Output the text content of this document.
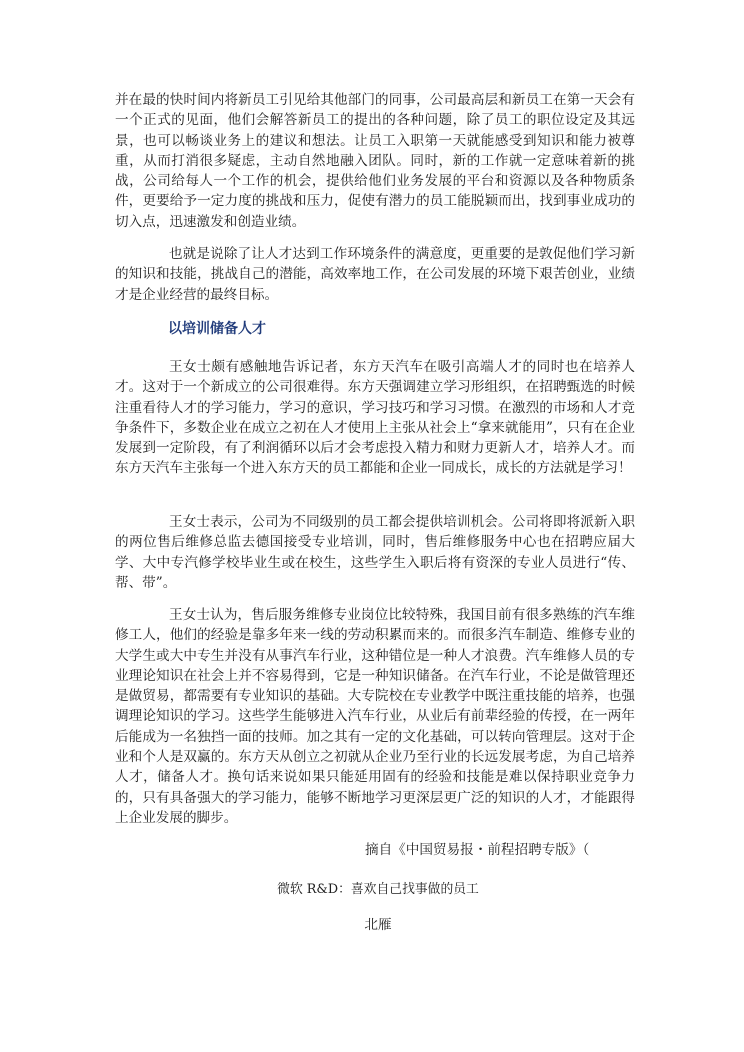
并在最的快时间内将新员工引见给其他部门的同事，公司最高层和新员工在第一天会有一个正式的见面，他们会解答新员工的提出的各种问题，除了员工的职位设定及其远景，也可以畅谈业务上的建议和想法。让员工入职第一天就能感受到知识和能力被尊重，从而打消很多疑虑，主动自然地融入团队。同时，新的工作就一定意味着新的挑战，公司给每人一个工作的机会，提供给他们业务发展的平台和资源以及各种物质条件，更要给予一定力度的挑战和压力，促使有潜力的员工能脱颖而出，找到事业成功的切入点，迅速激发和创造业绩。

也就是说除了让人才达到工作环境条件的满意度，更重要的是敦促他们学习新的知识和技能，挑战自己的潜能，高效率地工作，在公司发展的环境下艰苦创业，业绩才是企业经营的最终目标。

以培训储备人才

王女士颇有感触地告诉记者，东方天汽车在吸引高端人才的同时也在培养人才。这对于一个新成立的公司很难得。东方天强调建立学习形组织，在招聘甄选的时候注重看待人才的学习能力，学习的意识，学习技巧和学习习惯。在激烈的市场和人才竞争条件下，多数企业在成立之初在人才使用上主张从社会上“拿来就能用”，只有在企业发展到一定阶段，有了利润循环以后才会考虑投入精力和财力更新人才，培养人才。而东方天汽车主张每一个进入东方天的员工都能和企业一同成长，成长的方法就是学习！

王女士表示，公司为不同级别的员工都会提供培训机会。公司将即将派新入职的两位售后维修总监去德国接受专业培训，同时，售后维修服务中心也在招聘应届大学、大中专汽修学校毕业生或在校生，这些学生入职后将有资深的专业人员进行“传、帮、带”。

王女士认为，售后服务维修专业岗位比较特殊，我国目前有很多熟练的汽车维修工人，他们的经验是靠多年来一线的劳动积累而来的。而很多汽车制造、维修专业的大学生或大中专生并没有从事汽车行业，这种错位是一种人才浪费。汽车维修人员的专业理论知识在社会上并不容易得到，它是一种知识储备。在汽车行业，不论是做管理还是做贸易，都需要有专业知识的基础。大专院校在专业教学中既注重技能的培养，也强调理论知识的学习。这些学生能够进入汽车行业，从业后有前辈经验的传授，在一两年后能成为一名独挡一面的技师。加之其有一定的文化基础，可以转向管理层。这对于企业和个人是双赢的。东方天从创立之初就从企业乃至行业的长远发展考虑，为自己培养人才，储备人才。换句话来说如果只能延用固有的经验和技能是难以保持职业竞争力的，只有具备强大的学习能力，能够不断地学习更深层更广泛的知识的人才，才能跟得上企业发展的脚步。

摘自《中国贸易报・前程招聘专版》（

微软 R&D：喜欢自己找事做的员工

北雁
